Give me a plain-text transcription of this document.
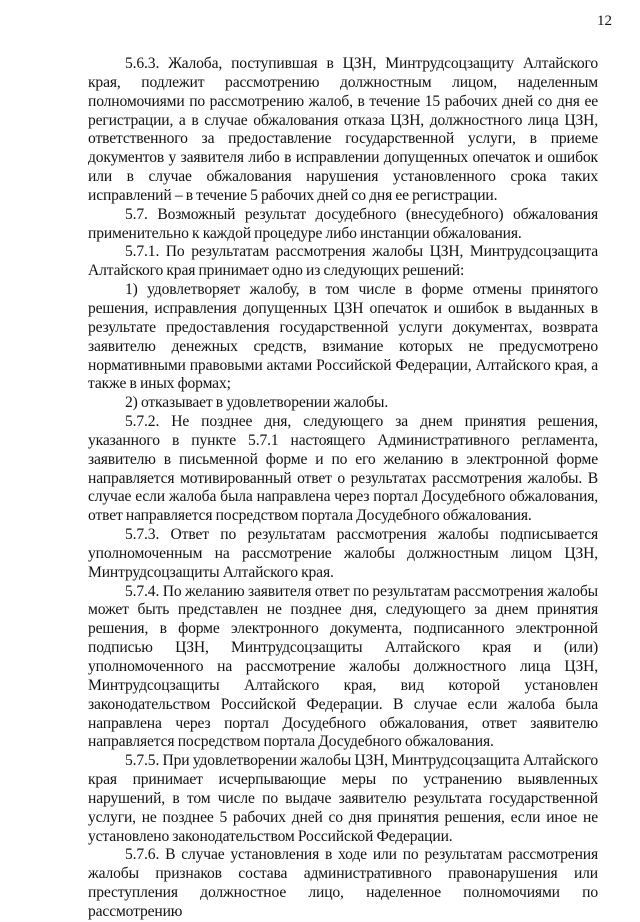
12

5.6.3. Жалоба, поступившая в ЦЗН, Минтрудсоцзащиту Алтайского края, подлежит рассмотрению должностным лицом, наделенным полномочиями по рассмотрению жалоб, в течение 15 рабочих дней со дня ее регистрации, а в случае обжалования отказа ЦЗН, должностного лица ЦЗН, ответственного за предоставление государственной услуги, в приеме документов у заявителя либо в исправлении допущенных опечаток и ошибок или в случае обжалования нарушения установленного срока таких исправлений – в течение 5 рабочих дней со дня ее регистрации.

5.7. Возможный результат досудебного (внесудебного) обжалования применительно к каждой процедуре либо инстанции обжалования.

5.7.1. По результатам рассмотрения жалобы ЦЗН, Минтрудсоцзащита Алтайского края принимает одно из следующих решений:

1) удовлетворяет жалобу, в том числе в форме отмены принятого решения, исправления допущенных ЦЗН опечаток и ошибок в выданных в результате предоставления государственной услуги документах, возврата заявителю денежных средств, взимание которых не предусмотрено нормативными правовыми актами Российской Федерации, Алтайского края, а также в иных формах;

2) отказывает в удовлетворении жалобы.

5.7.2. Не позднее дня, следующего за днем принятия решения, указанного в пункте 5.7.1 настоящего Административного регламента, заявителю в письменной форме и по его желанию в электронной форме направляется мотивированный ответ о результатах рассмотрения жалобы. В случае если жалоба была направлена через портал Досудебного обжалования, ответ направляется посредством портала Досудебного обжалования.

5.7.3. Ответ по результатам рассмотрения жалобы подписывается уполномоченным на рассмотрение жалобы должностным лицом ЦЗН, Минтрудсоцзащиты Алтайского края.

5.7.4. По желанию заявителя ответ по результатам рассмотрения жалобы может быть представлен не позднее дня, следующего за днем принятия решения, в форме электронного документа, подписанного электронной подписью ЦЗН, Минтрудсоцзащиты Алтайского края и (или) уполномоченного на рассмотрение жалобы должностного лица ЦЗН, Минтрудсоцзащиты Алтайского края, вид которой установлен законодательством Российской Федерации. В случае если жалоба была направлена через портал Досудебного обжалования, ответ заявителю направляется посредством портала Досудебного обжалования.

5.7.5. При удовлетворении жалобы ЦЗН, Минтрудсоцзащита Алтайского края принимает исчерпывающие меры по устранению выявленных нарушений, в том числе по выдаче заявителю результата государственной услуги, не позднее 5 рабочих дней со дня принятия решения, если иное не установлено законодательством Российской Федерации.

5.7.6. В случае установления в ходе или по результатам рассмотрения жалобы признаков состава административного правонарушения или преступления должностное лицо, наделенное полномочиями по рассмотрению
